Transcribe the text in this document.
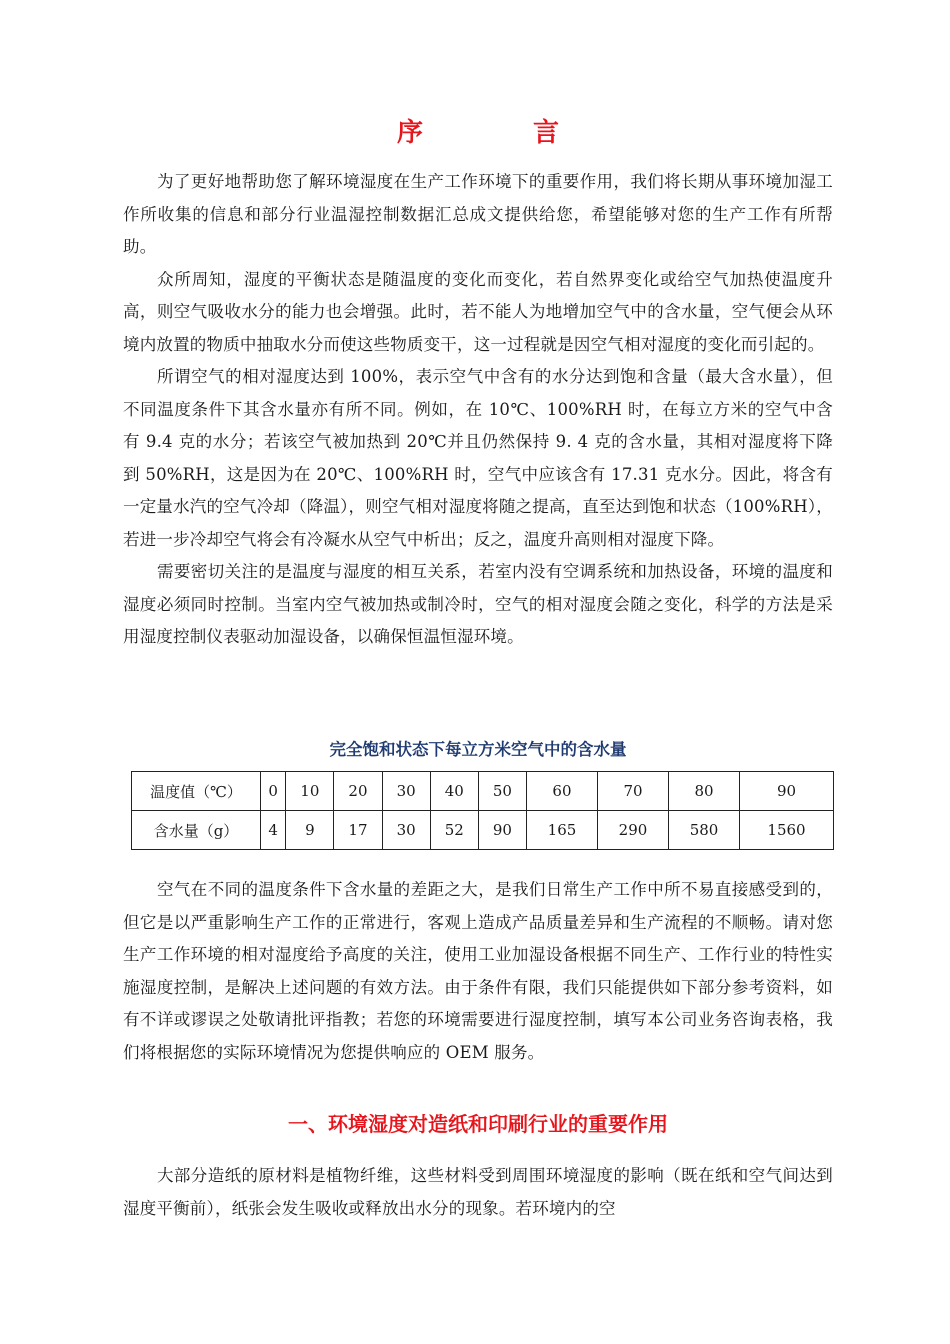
序	言

为了更好地帮助您了解环境湿度在生产工作环境下的重要作用，我们将长期从事环境加湿工作所收集的信息和部分行业温湿控制数据汇总成文提供给您，希望能够对您的生产工作有所帮助。

众所周知，湿度的平衡状态是随温度的变化而变化，若自然界变化或给空气加热使温度升高，则空气吸收水分的能力也会增强。此时，若不能人为地增加空气中的含水量，空气便会从环境内放置的物质中抽取水分而使这些物质变干，这一过程就是因空气相对湿度的变化而引起的。

所谓空气的相对湿度达到 100%，表示空气中含有的水分达到饱和含量（最大含水量），但不同温度条件下其含水量亦有所不同。例如，在 10℃、100%RH 时，在每立方米的空气中含有 9.4 克的水分；若该空气被加热到 20℃并且仍然保持 9. 4 克的含水量，其相对湿度将下降到 50%RH，这是因为在 20℃、100%RH 时，空气中应该含有 17.31 克水分。因此，将含有一定量水汽的空气冷却（降温），则空气相对湿度将随之提高，直至达到饱和状态（100%RH），若进一步冷却空气将会有冷凝水从空气中析出；反之，温度升高则相对湿度下降。

需要密切关注的是温度与湿度的相互关系，若室内没有空调系统和加热设备，环境的温度和湿度必须同时控制。当室内空气被加热或制冷时，空气的相对湿度会随之变化，科学的方法是采用湿度控制仪表驱动加湿设备，以确保恒温恒湿环境。

完全饱和状态下每立方米空气中的含水量
温度值（℃）	0	10	20	30	40	50	60	70	80	90
含水量（g）	4	9	17	30	52	90	165	290	580	1560

空气在不同的温度条件下含水量的差距之大，是我们日常生产工作中所不易直接感受到的，但它是以严重影响生产工作的正常进行，客观上造成产品质量差异和生产流程的不顺畅。请对您生产工作环境的相对湿度给予高度的关注，使用工业加湿设备根据不同生产、工作行业的特性实施湿度控制，是解决上述问题的有效方法。由于条件有限，我们只能提供如下部分参考资料，如有不详或谬误之处敬请批评指教；若您的环境需要进行湿度控制，填写本公司业务咨询表格，我们将根据您的实际环境情况为您提供响应的 OEM 服务。

一、环境湿度对造纸和印刷行业的重要作用

大部分造纸的原材料是植物纤维，这些材料受到周围环境湿度的影响（既在纸和空气间达到湿度平衡前），纸张会发生吸收或释放出水分的现象。若环境内的空
